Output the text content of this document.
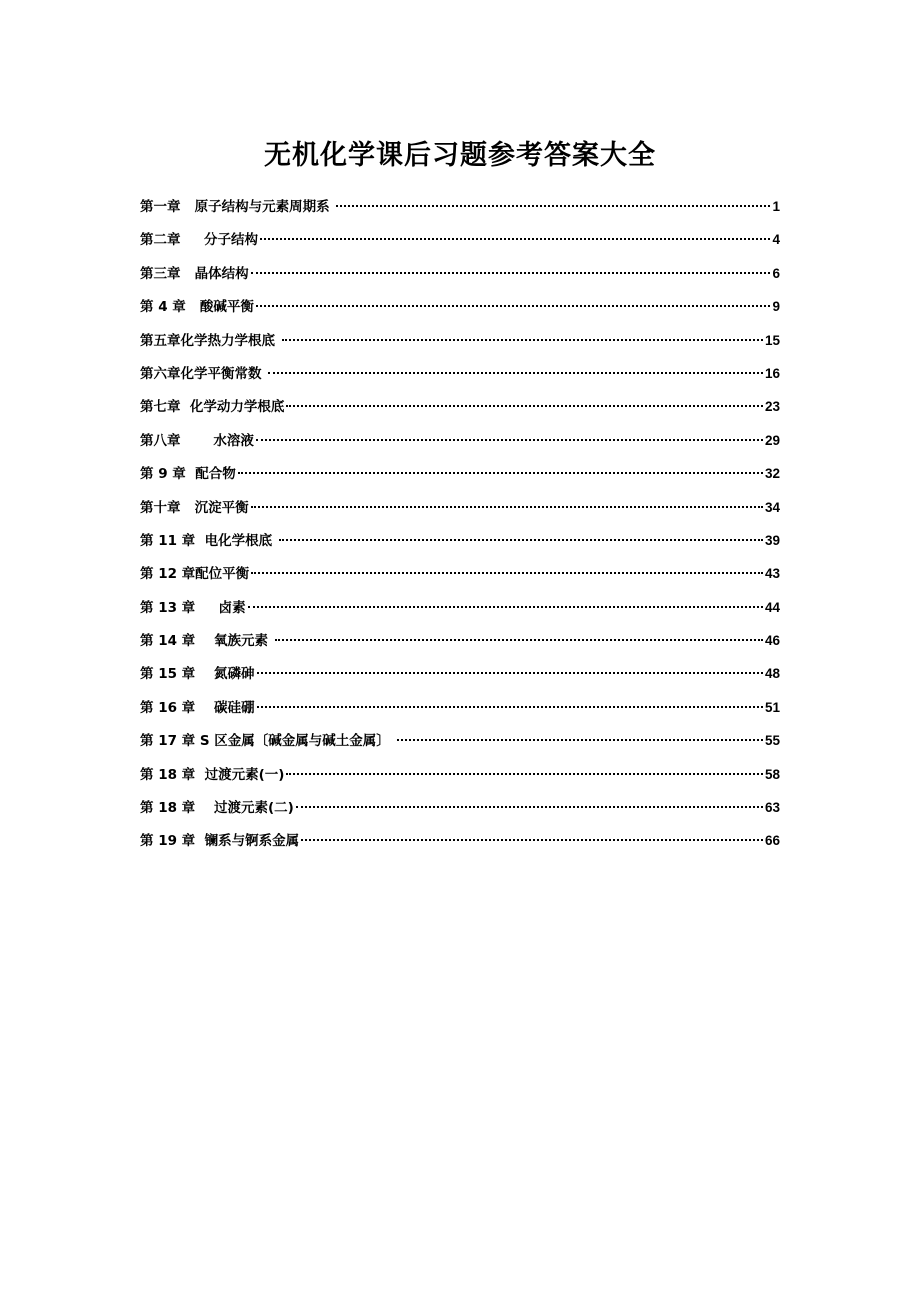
无机化学课后习题参考答案大全
第一章   原子结构与元素周期系	1
第二章     分子结构	4
第三章   晶体结构	6
第 4 章   酸碱平衡	9
第五章化学热力学根底	15
第六章化学平衡常数	16
第七章  化学动力学根底	23
第八章       水溶液	29
第 9 章  配合物	32
第十章   沉淀平衡	34
第 11 章  电化学根底	39
第 12 章配位平衡	43
第 13 章     卤素	44
第 14 章    氧族元素	46
第 15 章    氮磷砷	48
第 16 章    碳硅硼	51
第 17 章 S 区金属〔碱金属与碱土金属〕	55
第 18 章  过渡元素(一)	58
第 18 章    过渡元素(二)	63
第 19 章  镧系与锕系金属	66
